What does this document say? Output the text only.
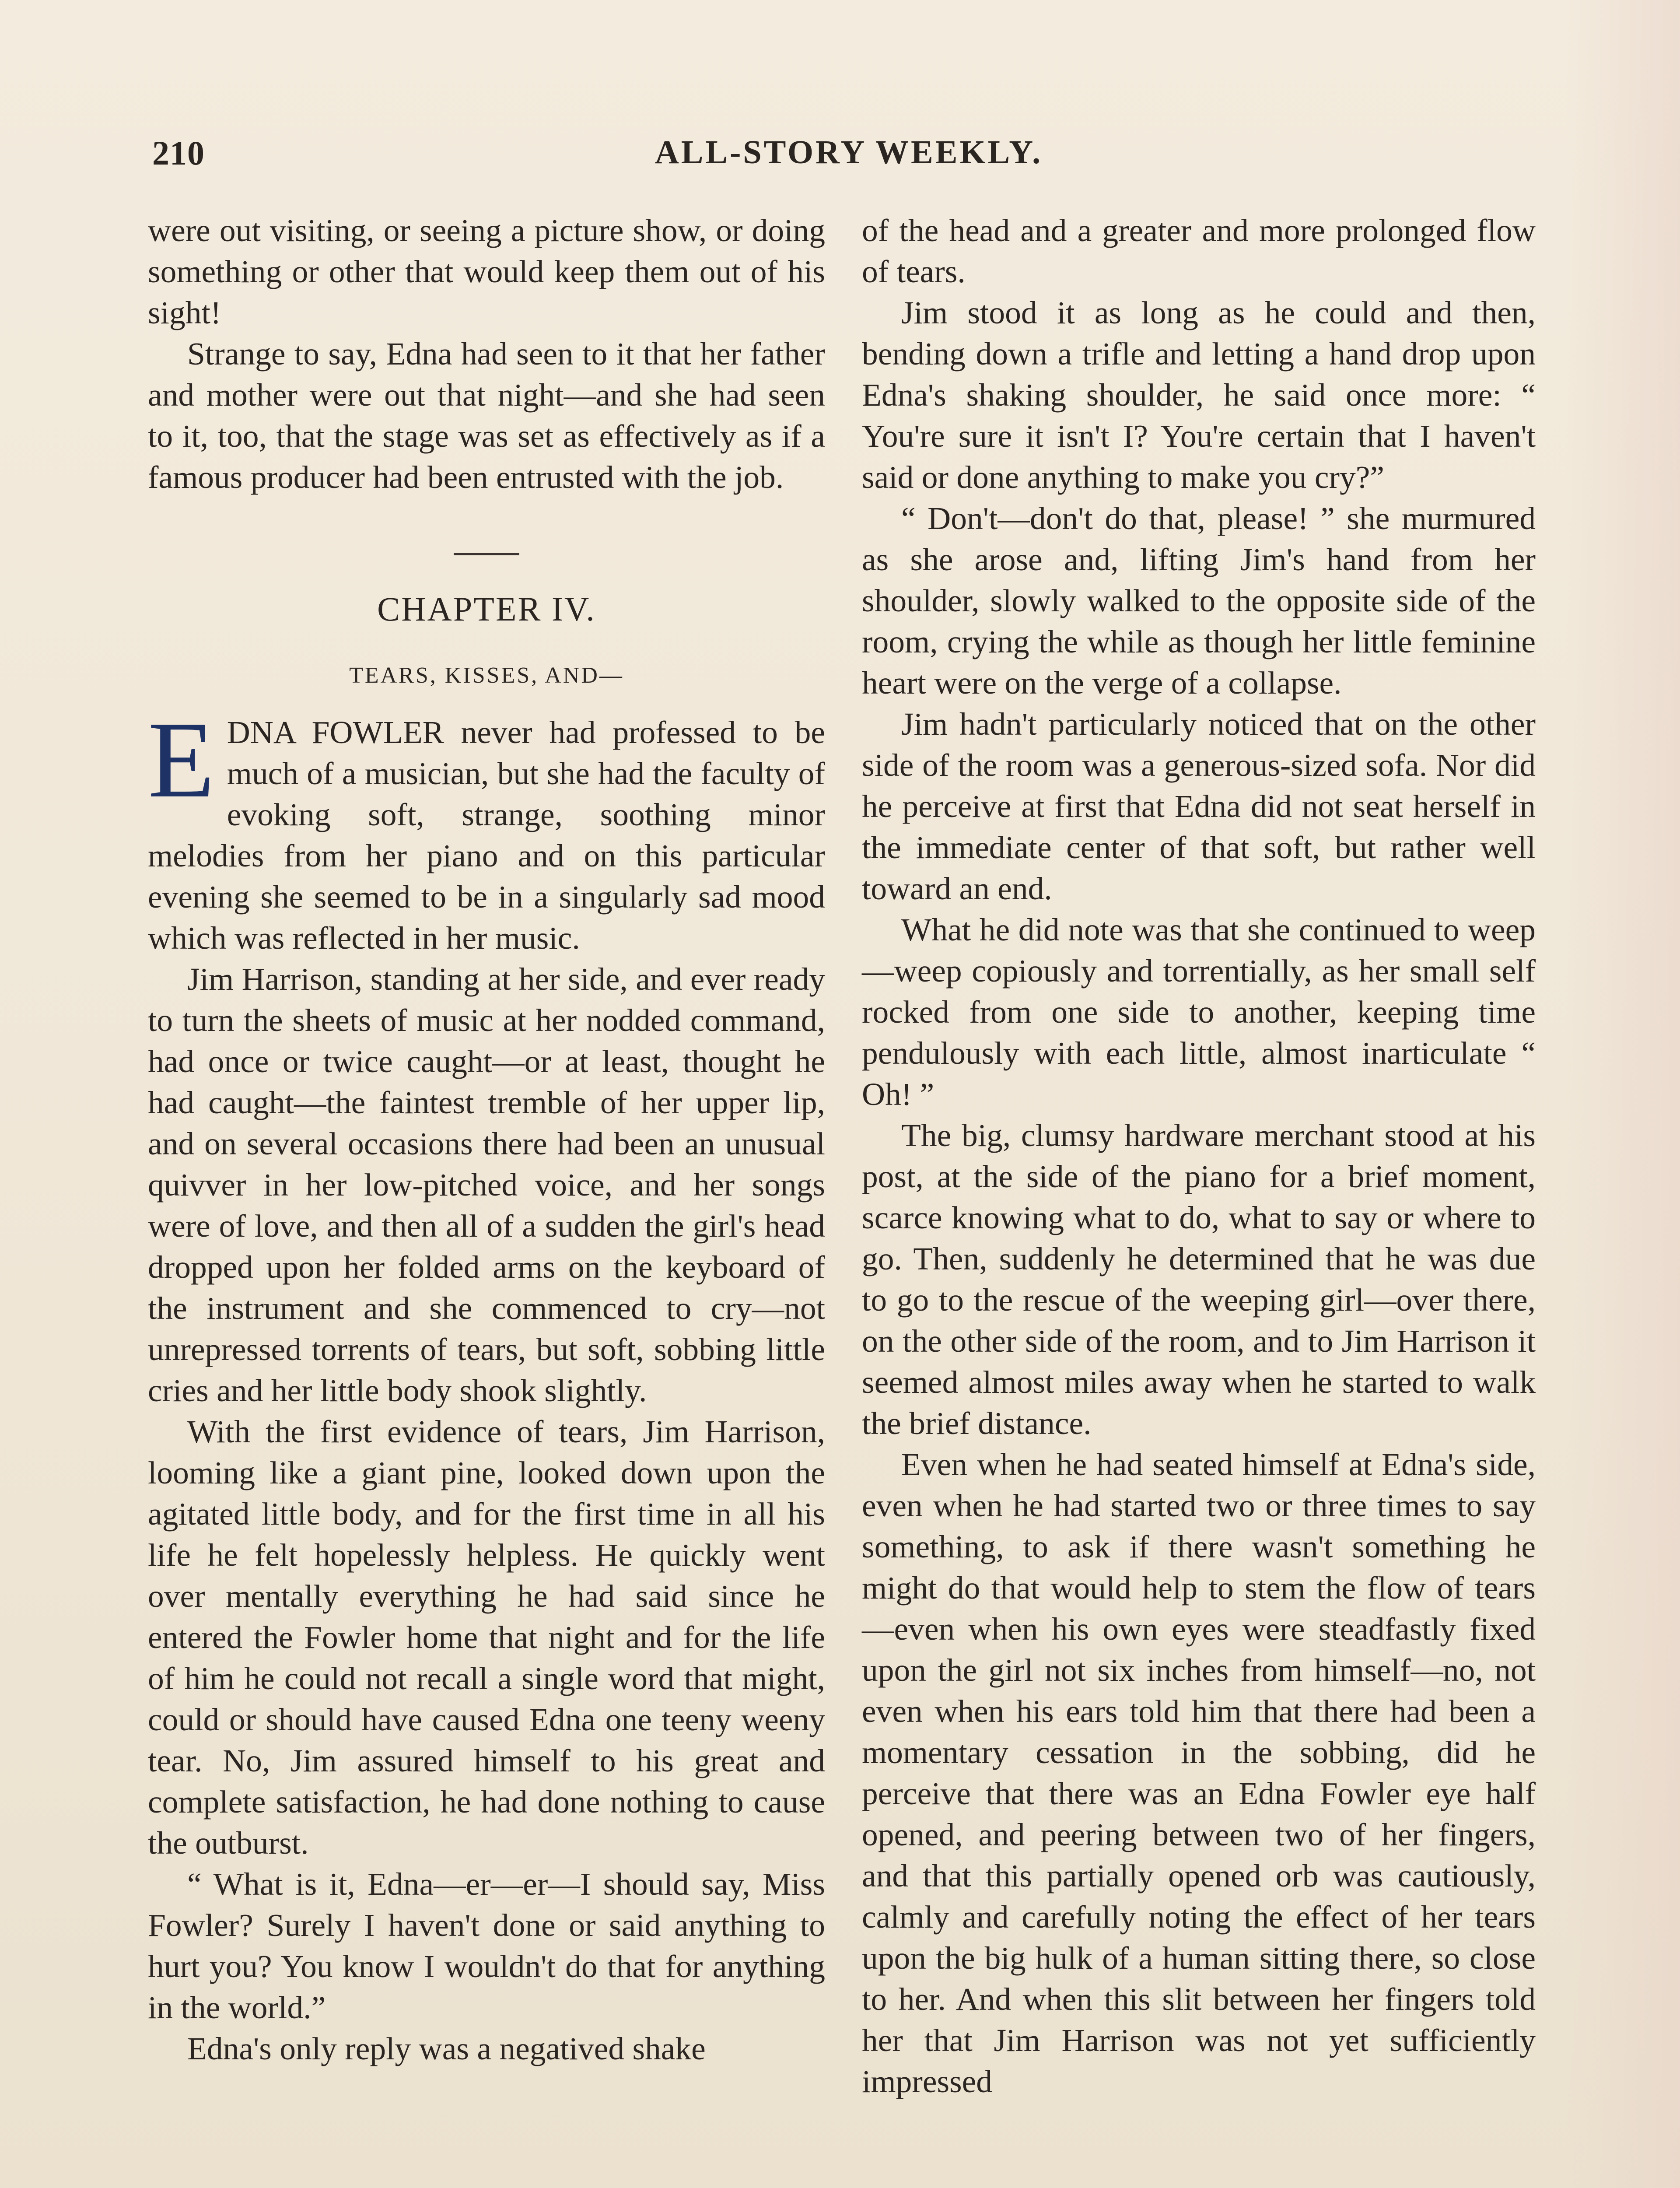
210	ALL-STORY WEEKLY.

were out visiting, or seeing a picture show, or doing something or other that would keep them out of his sight!

Strange to say, Edna had seen to it that her father and mother were out that night—and she had seen to it, too, that the stage was set as effectively as if a famous producer had been entrusted with the job.

CHAPTER IV.
TEARS, KISSES, AND—

EDNA FOWLER never had professed to be much of a musician, but she had the faculty of evoking soft, strange, soothing minor melodies from her piano and on this particular evening she seemed to be in a singularly sad mood which was reflected in her music.

Jim Harrison, standing at her side, and ever ready to turn the sheets of music at her nodded command, had once or twice caught—or at least, thought he had caught—the faintest tremble of her upper lip, and on several occasions there had been an unusual quivver in her low-pitched voice, and her songs were of love, and then all of a sudden the girl's head dropped upon her folded arms on the keyboard of the instrument and she commenced to cry—not unrepressed torrents of tears, but soft, sobbing little cries and her little body shook slightly.

With the first evidence of tears, Jim Harrison, looming like a giant pine, looked down upon the agitated little body, and for the first time in all his life he felt hopelessly helpless. He quickly went over mentally everything he had said since he entered the Fowler home that night and for the life of him he could not recall a single word that might, could or should have caused Edna one teeny weeny tear. No, Jim assured himself to his great and complete satisfaction, he had done nothing to cause the outburst.

“ What is it, Edna—er—er—I should say, Miss Fowler? Surely I haven't done or said anything to hurt you? You know I wouldn't do that for anything in the world.”

Edna's only reply was a negatived shake

of the head and a greater and more prolonged flow of tears.

Jim stood it as long as he could and then, bending down a trifle and letting a hand drop upon Edna's shaking shoulder, he said once more: “ You're sure it isn't I? You're certain that I haven't said or done anything to make you cry?”

“ Don't—don't do that, please! ” she murmured as she arose and, lifting Jim's hand from her shoulder, slowly walked to the opposite side of the room, crying the while as though her little feminine heart were on the verge of a collapse.

Jim hadn't particularly noticed that on the other side of the room was a generous-sized sofa. Nor did he perceive at first that Edna did not seat herself in the immediate center of that soft, but rather well toward an end.

What he did note was that she continued to weep—weep copiously and torrentially, as her small self rocked from one side to another, keeping time pendulously with each little, almost inarticulate “ Oh! ”

The big, clumsy hardware merchant stood at his post, at the side of the piano for a brief moment, scarce knowing what to do, what to say or where to go. Then, suddenly he determined that he was due to go to the rescue of the weeping girl—over there, on the other side of the room, and to Jim Harrison it seemed almost miles away when he started to walk the brief distance.

Even when he had seated himself at Edna's side, even when he had started two or three times to say something, to ask if there wasn't something he might do that would help to stem the flow of tears—even when his own eyes were steadfastly fixed upon the girl not six inches from himself—no, not even when his ears told him that there had been a momentary cessation in the sobbing, did he perceive that there was an Edna Fowler eye half opened, and peering between two of her fingers, and that this partially opened orb was cautiously, calmly and carefully noting the effect of her tears upon the big hulk of a human sitting there, so close to her. And when this slit between her fingers told her that Jim Harrison was not yet sufficiently impressed
